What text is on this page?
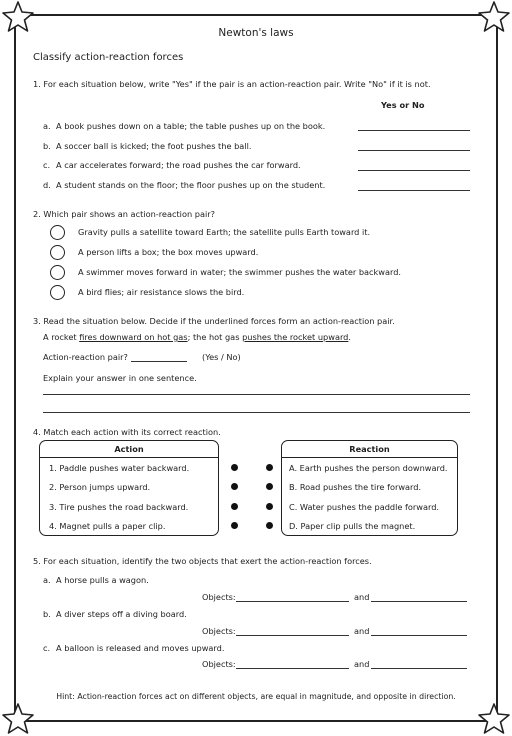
Newton's laws
Classify action-reaction forces
1. For each situation below, write "Yes" if the pair is an action-reaction pair. Write "No" if it is not.
Yes or No
a. A book pushes down on a table; the table pushes up on the book.
b. A soccer ball is kicked; the foot pushes the ball.
c. A car accelerates forward; the road pushes the car forward.
d. A student stands on the floor; the floor pushes up on the student.
2. Which pair shows an action-reaction pair?
Gravity pulls a satellite toward Earth; the satellite pulls Earth toward it.
A person lifts a box; the box moves upward.
A swimmer moves forward in water; the swimmer pushes the water backward.
A bird flies; air resistance slows the bird.
3. Read the situation below. Decide if the underlined forces form an action-reaction pair.
A rocket fires downward on hot gas; the hot gas pushes the rocket upward.
Action-reaction pair?	(Yes / No)
Explain your answer in one sentence.
4. Match each action with its correct reaction.
Action
1. Paddle pushes water backward.
2. Person jumps upward.
3. Tire pushes the road backward.
4. Magnet pulls a paper clip.
Reaction
A. Earth pushes the person downward.
B. Road pushes the tire forward.
C. Water pushes the paddle forward.
D. Paper clip pulls the magnet.
5. For each situation, identify the two objects that exert the action-reaction forces.
a. A horse pulls a wagon.
Objects:	and
b. A diver steps off a diving board.
Objects:	and
c. A balloon is released and moves upward.
Objects:	and
Hint: Action-reaction forces act on different objects, are equal in magnitude, and opposite in direction.
